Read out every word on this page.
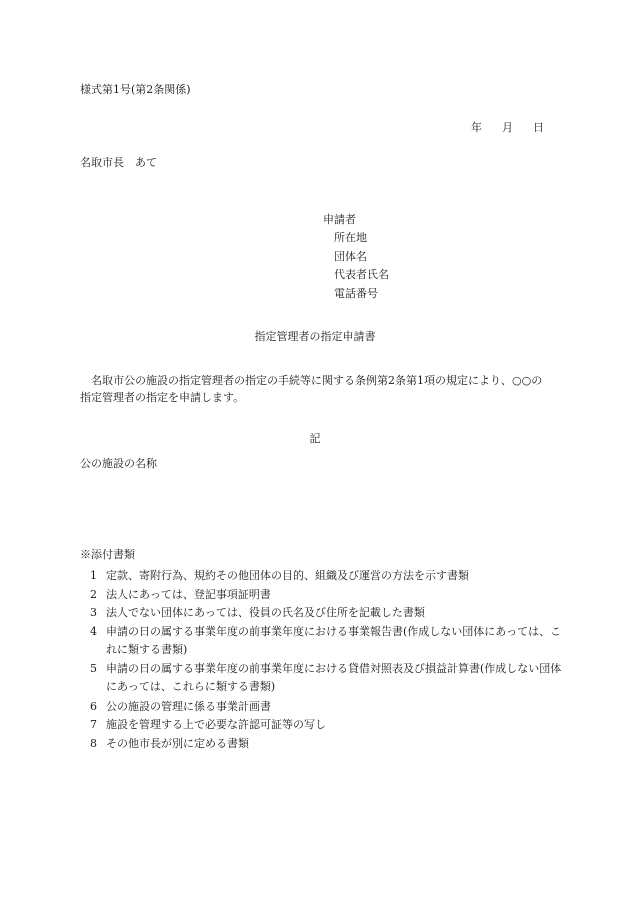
様式第1号(第2条関係)
年 月 日
名取市長　あて
申請者
所在地
団体名
代表者氏名
電話番号
指定管理者の指定申請書
名取市公の施設の指定管理者の指定の手続等に関する条例第2条第1項の規定により、○○の指定管理者の指定を申請します。
記
公の施設の名称
※添付書類
1 定款、寄附行為、規約その他団体の目的、組織及び運営の方法を示す書類
2 法人にあっては、登記事項証明書
3 法人でない団体にあっては、役員の氏名及び住所を記載した書類
4 申請の日の属する事業年度の前事業年度における事業報告書(作成しない団体にあっては、これに類する書類)
5 申請の日の属する事業年度の前事業年度における貸借対照表及び損益計算書(作成しない団体にあっては、これらに類する書類)
6 公の施設の管理に係る事業計画書
7 施設を管理する上で必要な許認可証等の写し
8 その他市長が別に定める書類
